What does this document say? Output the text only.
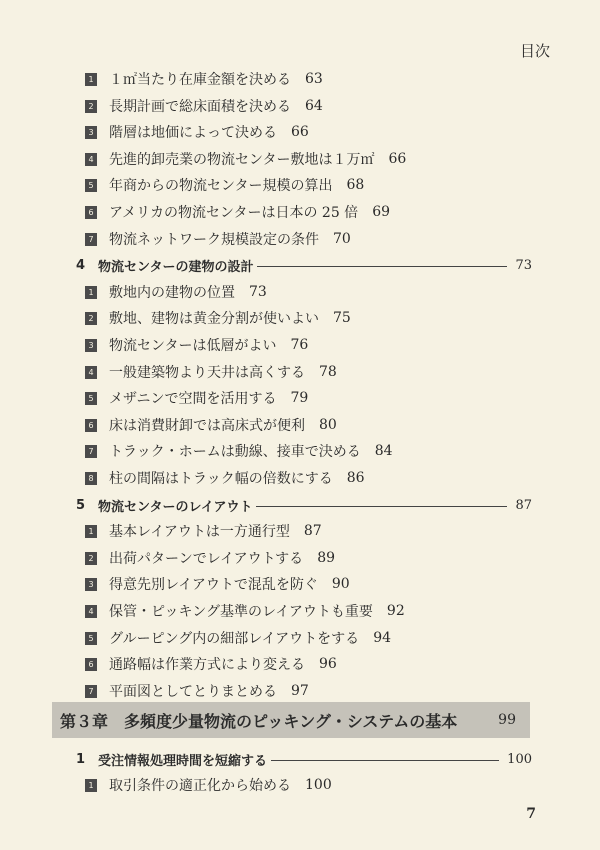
目次
1 １㎡当たり在庫金額を決める 63
2 長期計画で総床面積を決める 64
3 階層は地価によって決める 66
4 先進的卸売業の物流センター敷地は１万㎡ 66
5 年商からの物流センター規模の算出 68
6 アメリカの物流センターは日本の 25 倍 69
7 物流ネットワーク規模設定の条件 70
4 物流センターの建物の設計	73
1 敷地内の建物の位置 73
2 敷地、建物は黄金分割が使いよい 75
3 物流センターは低層がよい 76
4 一般建築物より天井は高くする 78
5 メザニンで空間を活用する 79
6 床は消費財卸では高床式が便利 80
7 トラック・ホームは動線、接車で決める 84
8 柱の間隔はトラック幅の倍数にする 86
5 物流センターのレイアウト	87
1 基本レイアウトは一方通行型 87
2 出荷パターンでレイアウトする 89
3 得意先別レイアウトで混乱を防ぐ 90
4 保管・ピッキング基準のレイアウトも重要 92
5 グルーピング内の細部レイアウトをする 94
6 通路幅は作業方式により変える 96
7 平面図としてとりまとめる 97
第３章 多頻度少量物流のピッキング・システムの基本	99
1 受注情報処理時間を短縮する	100
1 取引条件の適正化から始める 100
7
